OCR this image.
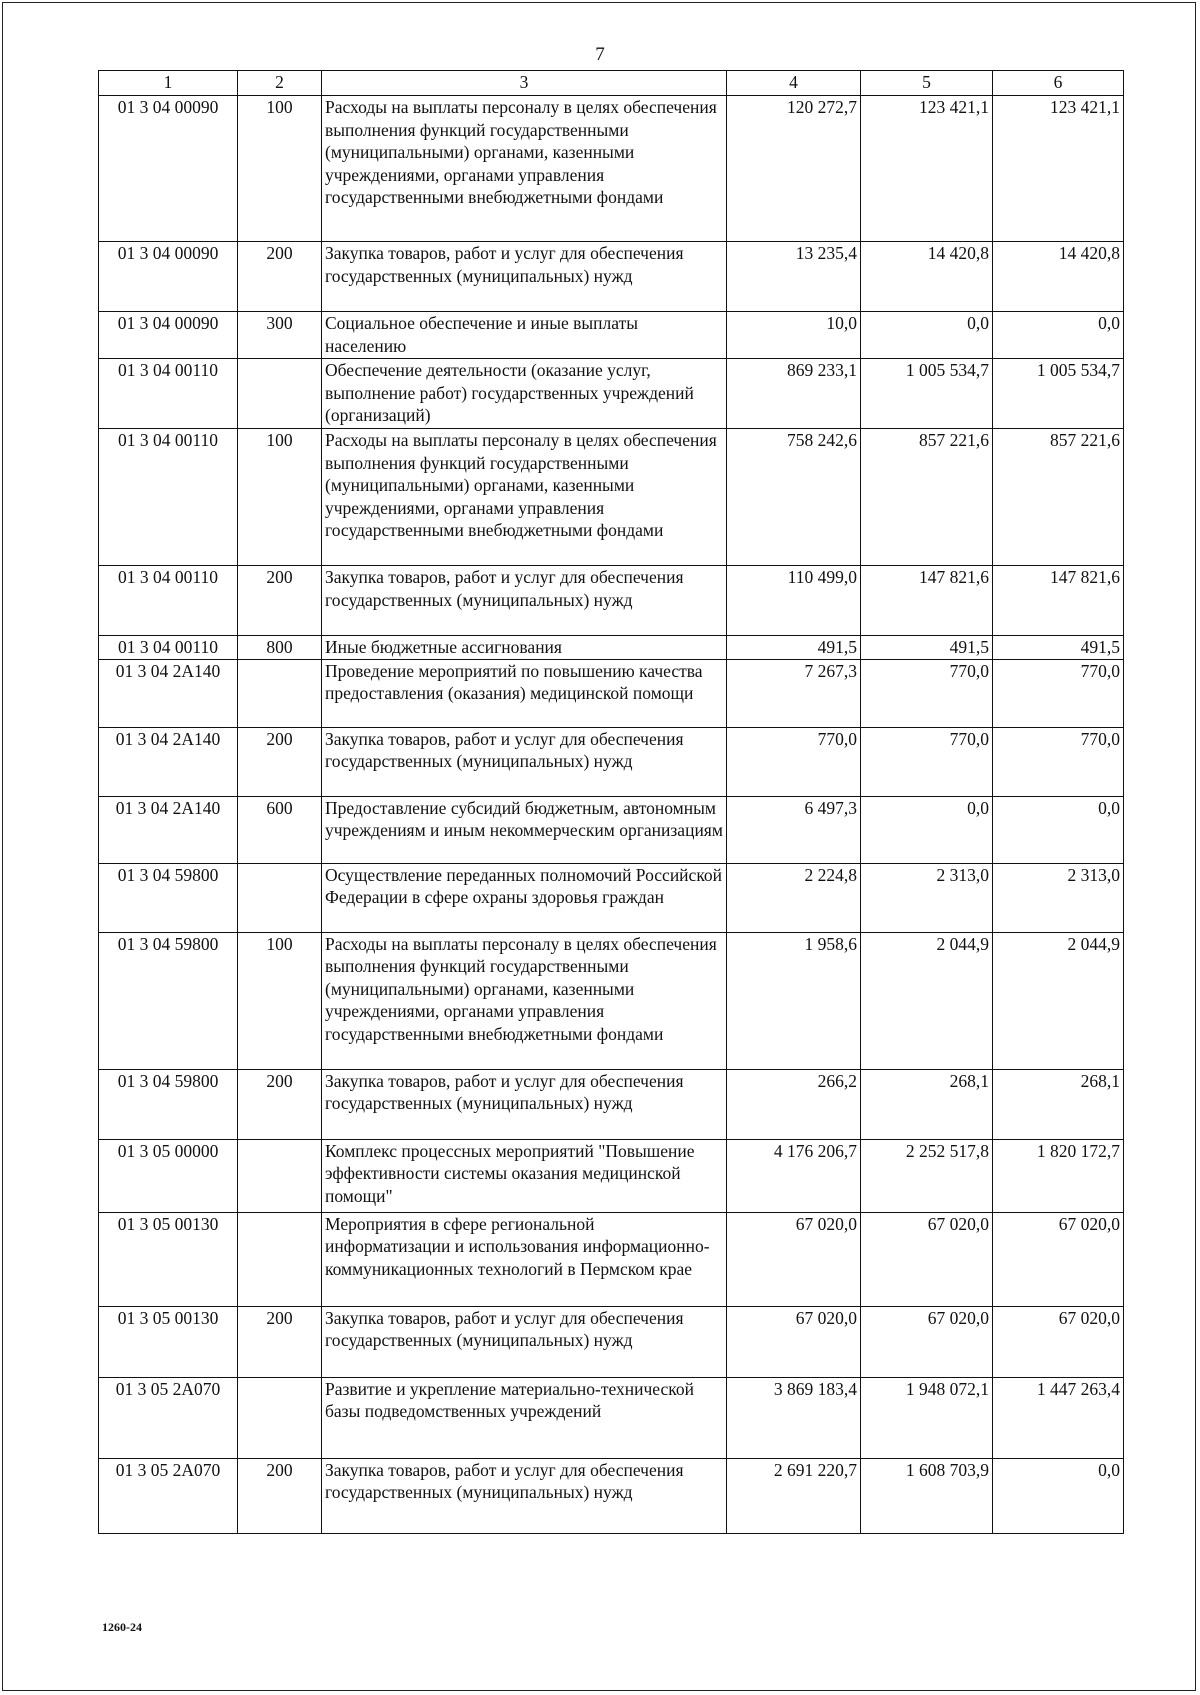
7
1	2	3	4	5	6
01 3 04 00090	100	Расходы на выплаты персоналу в целях обеспечения выполнения функций государственными (муниципальными) органами, казенными учреждениями, органами управления государственными внебюджетными фондами	120 272,7	123 421,1	123 421,1
01 3 04 00090	200	Закупка товаров, работ и услуг для обеспечения государственных (муниципальных) нужд	13 235,4	14 420,8	14 420,8
01 3 04 00090	300	Социальное обеспечение и иные выплаты населению	10,0	0,0	0,0
01 3 04 00110		Обеспечение деятельности (оказание услуг, выполнение работ) государственных учреждений (организаций)	869 233,1	1 005 534,7	1 005 534,7
01 3 04 00110	100	Расходы на выплаты персоналу в целях обеспечения выполнения функций государственными (муниципальными) органами, казенными учреждениями, органами управления государственными внебюджетными фондами	758 242,6	857 221,6	857 221,6
01 3 04 00110	200	Закупка товаров, работ и услуг для обеспечения государственных (муниципальных) нужд	110 499,0	147 821,6	147 821,6
01 3 04 00110	800	Иные бюджетные ассигнования	491,5	491,5	491,5
01 3 04 2А140		Проведение мероприятий по повышению качества предоставления (оказания) медицинской помощи	7 267,3	770,0	770,0
01 3 04 2А140	200	Закупка товаров, работ и услуг для обеспечения государственных (муниципальных) нужд	770,0	770,0	770,0
01 3 04 2А140	600	Предоставление субсидий бюджетным, автономным учреждениям и иным некоммерческим организациям	6 497,3	0,0	0,0
01 3 04 59800		Осуществление переданных полномочий Российской Федерации в сфере охраны здоровья граждан	2 224,8	2 313,0	2 313,0
01 3 04 59800	100	Расходы на выплаты персоналу в целях обеспечения выполнения функций государственными (муниципальными) органами, казенными учреждениями, органами управления государственными внебюджетными фондами	1 958,6	2 044,9	2 044,9
01 3 04 59800	200	Закупка товаров, работ и услуг для обеспечения государственных (муниципальных) нужд	266,2	268,1	268,1
01 3 05 00000		Комплекс процессных мероприятий "Повышение эффективности системы оказания медицинской помощи"	4 176 206,7	2 252 517,8	1 820 172,7
01 3 05 00130		Мероприятия в сфере региональной информатизации и использования информационно-коммуникационных технологий в Пермском крае	67 020,0	67 020,0	67 020,0
01 3 05 00130	200	Закупка товаров, работ и услуг для обеспечения государственных (муниципальных) нужд	67 020,0	67 020,0	67 020,0
01 3 05 2А070		Развитие и укрепление материально-технической базы подведомственных учреждений	3 869 183,4	1 948 072,1	1 447 263,4
01 3 05 2А070	200	Закупка товаров, работ и услуг для обеспечения государственных (муниципальных) нужд	2 691 220,7	1 608 703,9	0,0
1260-24
